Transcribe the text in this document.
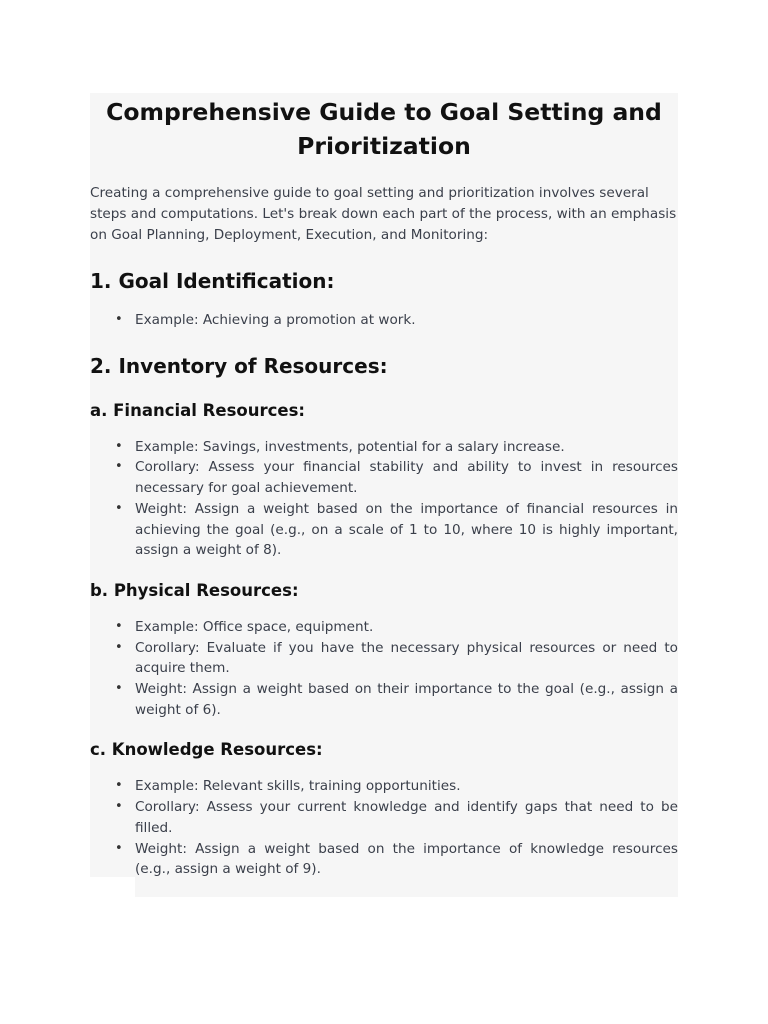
Comprehensive Guide to Goal Setting and Prioritization

Creating a comprehensive guide to goal setting and prioritization involves several steps and computations. Let's break down each part of the process, with an emphasis on Goal Planning, Deployment, Execution, and Monitoring:

1. Goal Identification:
• Example: Achieving a promotion at work.
2. Inventory of Resources:
a. Financial Resources:
• Example: Savings, investments, potential for a salary increase.
• Corollary: Assess your financial stability and ability to invest in resources necessary for goal achievement.
• Weight: Assign a weight based on the importance of financial resources in achieving the goal (e.g., on a scale of 1 to 10, where 10 is highly important, assign a weight of 8).
b. Physical Resources:
• Example: Office space, equipment.
• Corollary: Evaluate if you have the necessary physical resources or need to acquire them.
• Weight: Assign a weight based on their importance to the goal (e.g., assign a weight of 6).
c. Knowledge Resources:
• Example: Relevant skills, training opportunities.
• Corollary: Assess your current knowledge and identify gaps that need to be filled.
• Weight: Assign a weight based on the importance of knowledge resources (e.g., assign a weight of 9).
